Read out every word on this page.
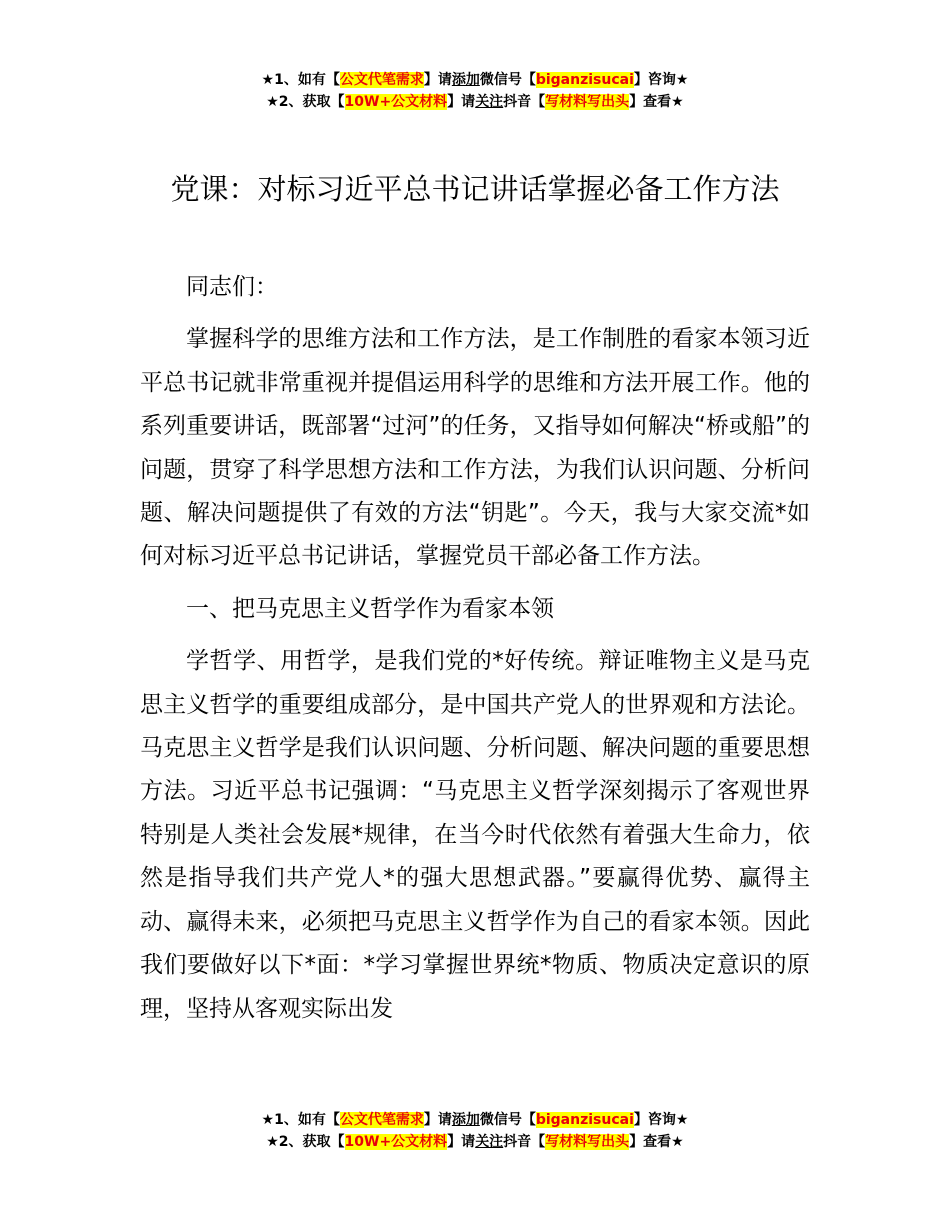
★1、如有【公文代笔需求】请添加微信号【biganzisucai】咨询★
★2、获取【10W+公文材料】请关注抖音【写材料写出头】查看★
党课：对标习近平总书记讲话掌握必备工作方法

同志们：

掌握科学的思维方法和工作方法，是工作制胜的看家本领习近平总书记就非常重视并提倡运用科学的思维和方法开展工作。他的系列重要讲话，既部署“过河”的任务，又指导如何解决“桥或船”的问题，贯穿了科学思想方法和工作方法，为我们认识问题、分析问题、解决问题提供了有效的方法“钥匙”。今天，我与大家交流*如何对标习近平总书记讲话，掌握党员干部必备工作方法。

一、把马克思主义哲学作为看家本领

学哲学、用哲学，是我们党的*好传统。辩证唯物主义是马克思主义哲学的重要组成部分，是中国共产党人的世界观和方法论。马克思主义哲学是我们认识问题、分析问题、解决问题的重要思想方法。习近平总书记强调：“马克思主义哲学深刻揭示了客观世界特别是人类社会发展*规律，在当今时代依然有着强大生命力，依然是指导我们共产党人*的强大思想武器。”要赢得优势、赢得主动、赢得未来，必须把马克思主义哲学作为自己的看家本领。因此我们要做好以下*面：*学习掌握世界统*物质、物质决定意识的原理，坚持从客观实际出发

★1、如有【公文代笔需求】请添加微信号【biganzisucai】咨询★
★2、获取【10W+公文材料】请关注抖音【写材料写出头】查看★
